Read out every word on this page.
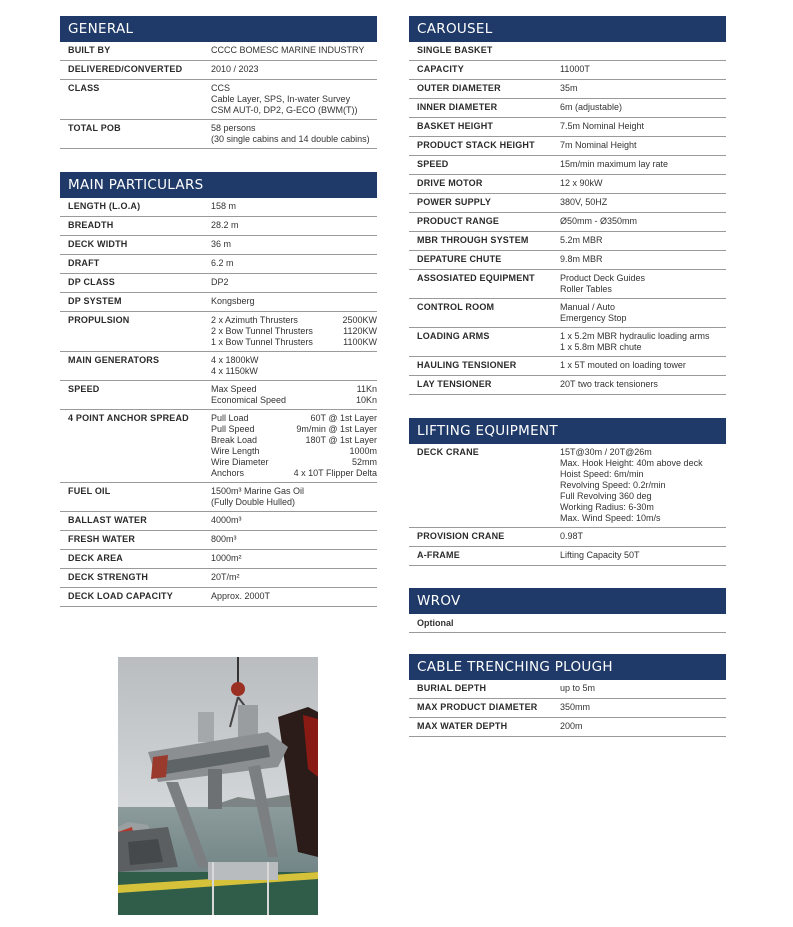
GENERAL
BUILT BY	CCCC BOMESC MARINE INDUSTRY
DELIVERED/CONVERTED	2010 / 2023
CLASS	CCS
Cable Layer, SPS, In-water Survey
CSM AUT-0, DP2, G-ECO (BWM(T))
TOTAL POB	58 persons
(30 single cabins and 14 double cabins)
MAIN PARTICULARS
LENGTH (L.O.A)	158 m
BREADTH	28.2 m
DECK WIDTH	36 m
DRAFT	6.2 m
DP CLASS	DP2
DP SYSTEM	Kongsberg
PROPULSION	2 x Azimuth Thrusters	2500KW
2 x Bow Tunnel Thrusters	1120KW
1 x Bow Tunnel Thrusters	1100KW
MAIN GENERATORS	4 x 1800kW
4 x 1150kW
SPEED	Max Speed	11Kn
Economical Speed	10Kn
4 POINT ANCHOR SPREAD	Pull Load	60T @ 1st Layer
Pull Speed	9m/min @ 1st Layer
Break Load	180T @ 1st Layer
Wire Length	1000m
Wire Diameter	52mm
Anchors	4 x 10T Flipper Delta
FUEL OIL	1500m³ Marine Gas Oil
(Fully Double Hulled)
BALLAST WATER	4000m³
FRESH WATER	800m³
DECK AREA	1000m²
DECK STRENGTH	20T/m²
DECK LOAD CAPACITY	Approx. 2000T
CAROUSEL
SINGLE BASKET
CAPACITY	11000T
OUTER DIAMETER	35m
INNER DIAMETER	6m (adjustable)
BASKET HEIGHT	7.5m Nominal Height
PRODUCT STACK HEIGHT	7m Nominal Height
SPEED	15m/min maximum lay rate
DRIVE MOTOR	12 x 90kW
POWER SUPPLY	380V, 50HZ
PRODUCT RANGE	Ø50mm - Ø350mm
MBR THROUGH SYSTEM	5.2m MBR
DEPATURE CHUTE	9.8m MBR
ASSOSIATED EQUIPMENT	Product Deck Guides
Roller Tables
CONTROL ROOM	Manual / Auto
Emergency Stop
LOADING ARMS	1 x 5.2m MBR hydraulic loading arms
1 x 5.8m MBR chute
HAULING TENSIONER	1 x 5T mouted on loading tower
LAY TENSIONER	20T two track tensioners
LIFTING EQUIPMENT
DECK CRANE	15T@30m / 20T@26m
Max. Hook Height: 40m above deck
Hoist Speed: 6m/min
Revolving Speed: 0.2r/min
Full Revolving 360 deg
Working Radius: 6-30m
Max. Wind Speed: 10m/s
PROVISION CRANE	0.98T
A-FRAME	Lifting Capacity 50T
WROV
Optional
CABLE TRENCHING PLOUGH
BURIAL DEPTH	up to 5m
MAX PRODUCT DIAMETER	350mm
MAX WATER DEPTH	200m
